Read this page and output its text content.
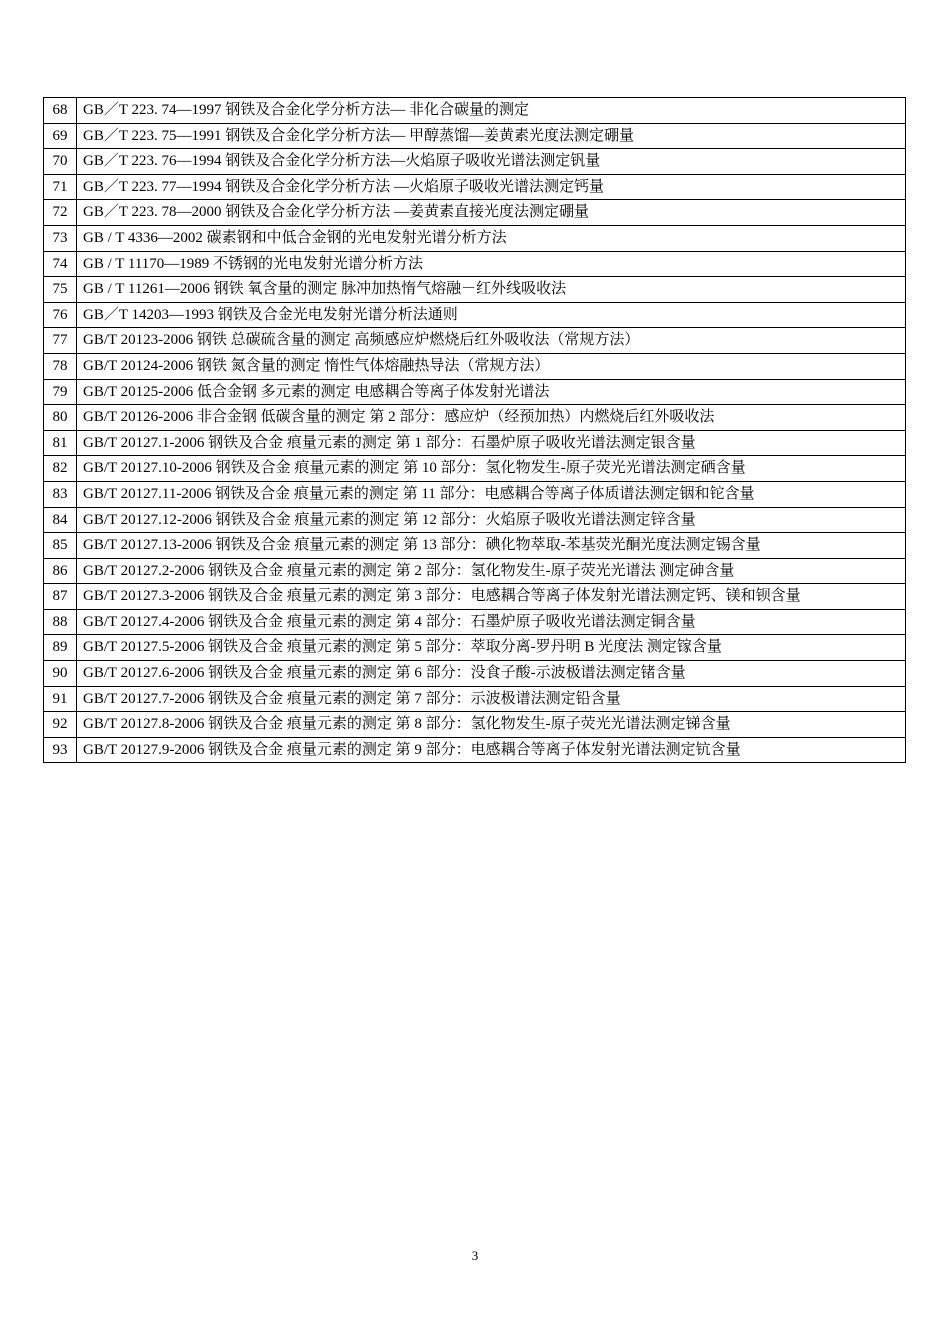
68	GB／T 223. 74—1997 钢铁及合金化学分析方法— 非化合碳量的测定
69	GB／T 223. 75—1991 钢铁及合金化学分析方法— 甲醇蒸馏—姜黄素光度法测定硼量
70	GB／T 223. 76—1994 钢铁及合金化学分析方法—火焰原子吸收光谱法测定钒量
71	GB／T 223. 77—1994 钢铁及合金化学分析方法 —火焰原子吸收光谱法测定钙量
72	GB／T 223. 78—2000 钢铁及合金化学分析方法 —姜黄素直接光度法测定硼量
73	GB / T 4336—2002 碳素钢和中低合金钢的光电发射光谱分析方法
74	GB / T 11170—1989 不锈钢的光电发射光谱分析方法
75	GB / T 11261—2006 钢铁 氧含量的测定 脉冲加热惰气熔融－红外线吸收法
76	GB／T 14203—1993 钢铁及合金光电发射光谱分析法通则
77	GB/T 20123-2006 钢铁 总碳硫含量的测定 高频感应炉燃烧后红外吸收法（常规方法）
78	GB/T 20124-2006 钢铁 氮含量的测定 惰性气体熔融热导法（常规方法）
79	GB/T 20125-2006 低合金钢 多元素的测定 电感耦合等离子体发射光谱法
80	GB/T 20126-2006 非合金钢 低碳含量的测定 第 2 部分：感应炉（经预加热）内燃烧后红外吸收法
81	GB/T 20127.1-2006 钢铁及合金 痕量元素的测定 第 1 部分：石墨炉原子吸收光谱法测定银含量
82	GB/T 20127.10-2006 钢铁及合金 痕量元素的测定 第 10 部分：氢化物发生-原子荧光光谱法测定硒含量
83	GB/T 20127.11-2006 钢铁及合金 痕量元素的测定 第 11 部分：电感耦合等离子体质谱法测定铟和铊含量
84	GB/T 20127.12-2006 钢铁及合金 痕量元素的测定 第 12 部分：火焰原子吸收光谱法测定锌含量
85	GB/T 20127.13-2006 钢铁及合金 痕量元素的测定 第 13 部分：碘化物萃取-苯基荧光酮光度法测定锡含量
86	GB/T 20127.2-2006 钢铁及合金 痕量元素的测定 第 2 部分：氢化物发生-原子荧光光谱法 测定砷含量
87	GB/T 20127.3-2006 钢铁及合金 痕量元素的测定 第 3 部分：电感耦合等离子体发射光谱法测定钙、镁和钡含量
88	GB/T 20127.4-2006 钢铁及合金 痕量元素的测定 第 4 部分：石墨炉原子吸收光谱法测定铜含量
89	GB/T 20127.5-2006 钢铁及合金 痕量元素的测定 第 5 部分：萃取分离-罗丹明 B 光度法 测定镓含量
90	GB/T 20127.6-2006 钢铁及合金 痕量元素的测定 第 6 部分：没食子酸-示波极谱法测定锗含量
91	GB/T 20127.7-2006 钢铁及合金 痕量元素的测定 第 7 部分：示波极谱法测定铅含量
92	GB/T 20127.8-2006 钢铁及合金 痕量元素的测定 第 8 部分：氢化物发生-原子荧光光谱法测定锑含量
93	GB/T 20127.9-2006 钢铁及合金 痕量元素的测定 第 9 部分：电感耦合等离子体发射光谱法测定钪含量
3
